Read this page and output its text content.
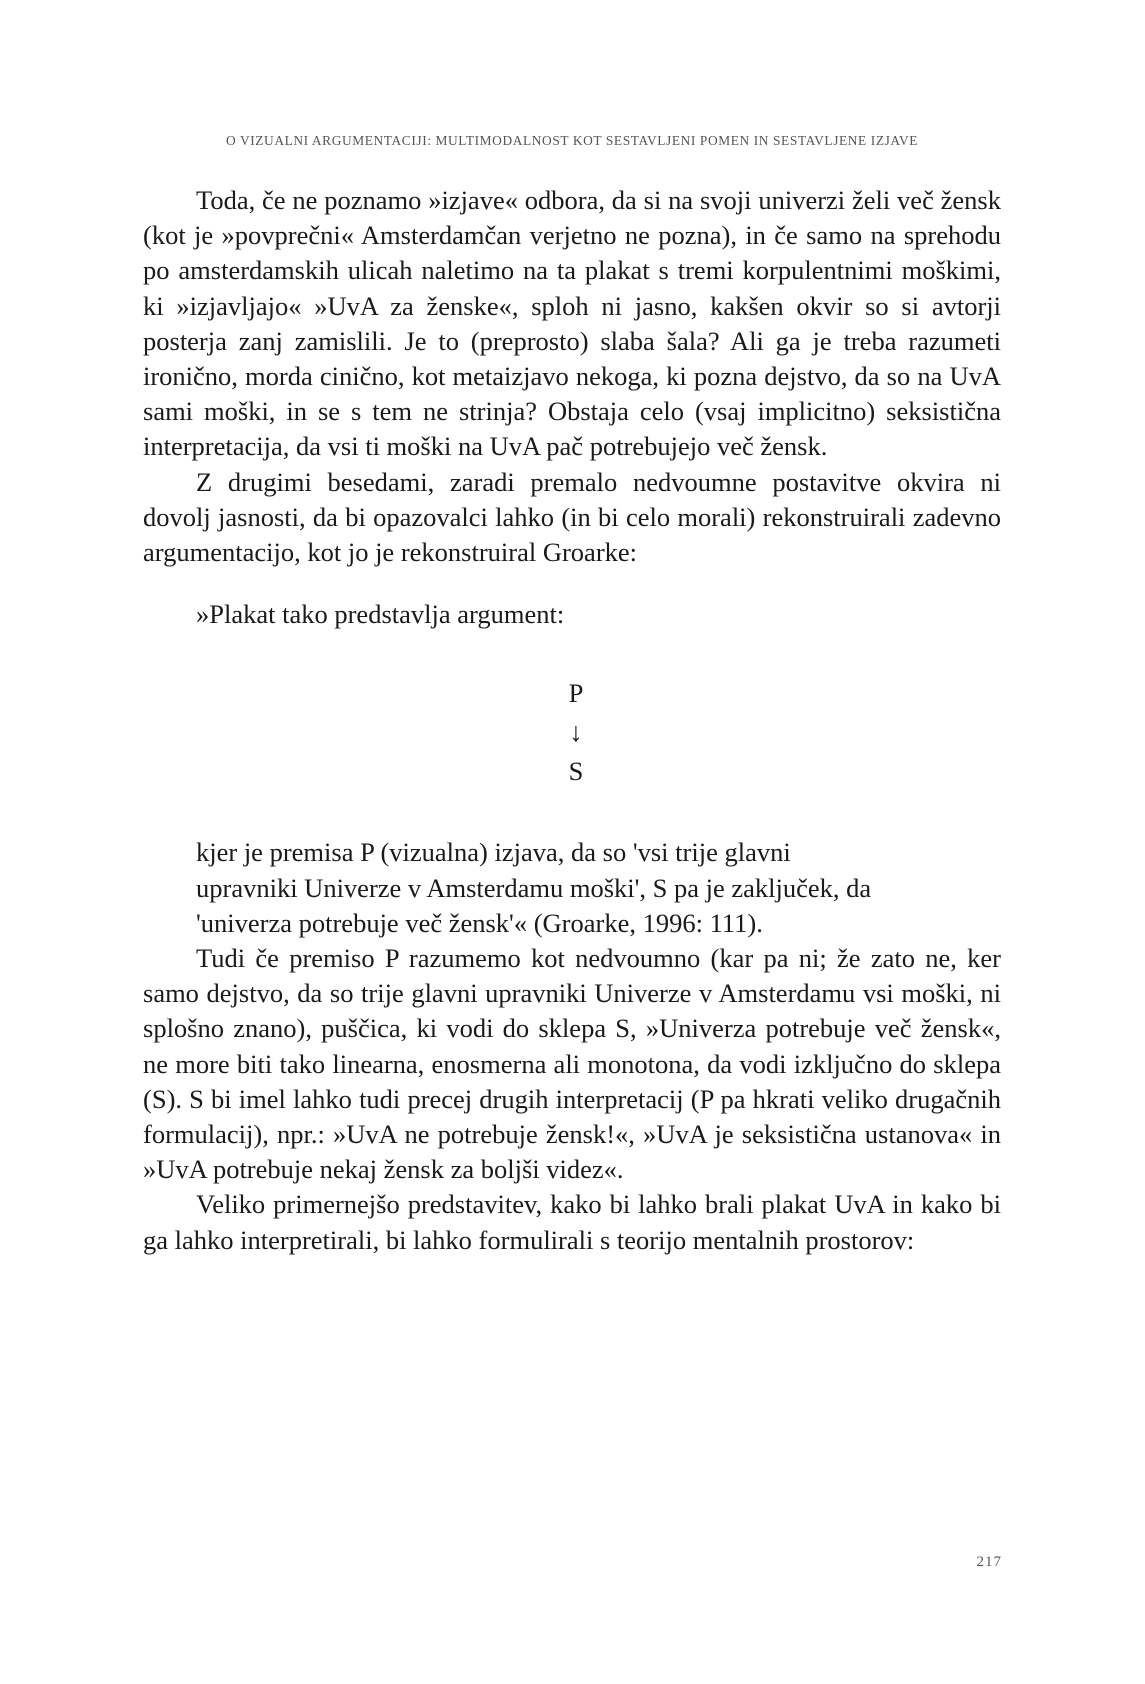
O VIZUALNI ARGUMENTACIJI: MULTIMODALNOST KOT SESTAVLJENI POMEN IN SESTAVLJENE IZJAVE

Toda, če ne poznamo »izjave« odbora, da si na svoji univerzi želi več žensk (kot je »povprečni« Amsterdamčan verjetno ne pozna), in če samo na sprehodu po amsterdamskih ulicah naletimo na ta plakat s tremi korpulentnimi moškimi, ki »izjavljajo« »UvA za ženske«, sploh ni jasno, kakšen okvir so si avtorji posterja zanj zamislili. Je to (preprosto) slaba šala? Ali ga je treba razumeti ironično, morda cinično, kot metaizjavo nekoga, ki pozna dejstvo, da so na UvA sami moški, in se s tem ne strinja? Obstaja celo (vsaj implicitno) seksistična interpretacija, da vsi ti moški na UvA pač potrebujejo več žensk.

Z drugimi besedami, zaradi premalo nedvoumne postavitve okvira ni dovolj jasnosti, da bi opazovalci lahko (in bi celo morali) rekonstruirali zadevno argumentacijo, kot jo je rekonstruiral Groarke:

»Plakat tako predstavlja argument:

P
↓
S

kjer je premisa P (vizualna) izjava, da so 'vsi trije glavni upravniki Univerze v Amsterdamu moški', S pa je zaključek, da 'univerza potrebuje več žensk'« (Groarke, 1996: 111).

Tudi če premiso P razumemo kot nedvoumno (kar pa ni; že zato ne, ker samo dejstvo, da so trije glavni upravniki Univerze v Amsterdamu vsi moški, ni splošno znano), puščica, ki vodi do sklepa S, »Univerza potrebuje več žensk«, ne more biti tako linearna, enosmerna ali monotona, da vodi izključno do sklepa (S). S bi imel lahko tudi precej drugih interpretacij (P pa hkrati veliko drugačnih formulacij), npr.: »UvA ne potrebuje žensk!«, »UvA je seksistična ustanova« in »UvA potrebuje nekaj žensk za boljši videz«.

Veliko primernejšo predstavitev, kako bi lahko brali plakat UvA in kako bi ga lahko interpretirali, bi lahko formulirali s teorijo mentalnih prostorov:

217
